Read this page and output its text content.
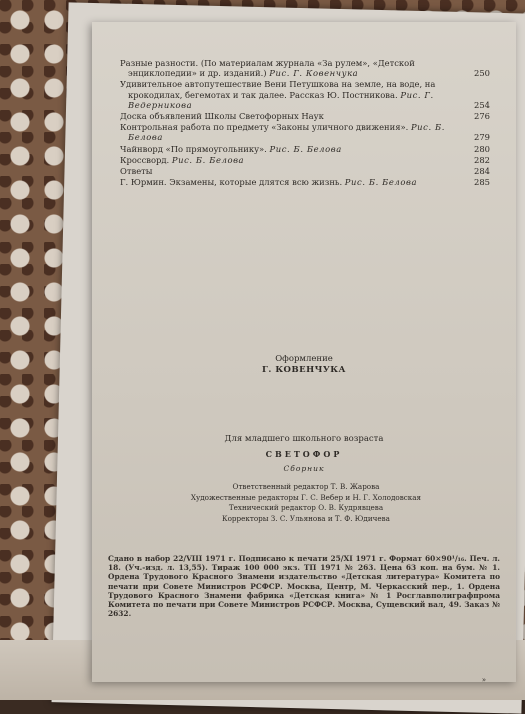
Разные разности. (По материалам журнала «За рулем», «Детской энциклопедии» и др. изданий.) Рис. Г. Ковенчука	250
Удивительное автопутешествие Вени Петушкова на земле, на воде, на крокодилах, бегемотах и так далее. Рассказ Ю. Постникова. Рис. Г. Ведерникова	254
Доска объявлений Школы Светофорных Наук	276
Контрольная работа по предмету «Законы уличного движения». Рис. Б. Белова	279
Чайнворд «По прямоугольнику». Рис. Б. Белова	280
Кроссворд. Рис. Б. Белова	282
Ответы	284
Г. Юрмин. Экзамены, которые длятся всю жизнь. Рис. Б. Белова	285
Оформление
Г. КОВЕНЧУКА
Для младшего школьного возраста
СВЕТОФОР
Сборник
Ответственный редактор Т. В. Жарова
Художественные редакторы Г. С. Вебер и Н. Г. Холодовская
Технический редактор О. В. Кудрявцева
Корректоры З. С. Ульянова и Т. Ф. Юдичева
Сдано в набор 22/VIII 1971 г. Подписано к печати 25/XI 1971 г. Формат 60×90¹/₁₆. Печ. л. 18. (Уч.-изд. л. 13,55). Тираж 100 000 экз. ТП 1971 № 263. Цена 63 коп. на бум. № 1. Ордена Трудового Красного Знамени издательство «Детская литература» Комитета по печати при Совете Министров РСФСР. Москва, Центр, М. Черкасский пер., 1. Ордена Трудового Красного Знамени фабрика «Детская книга» № 1 Росглавполиграфпрома Комитета по печати при Совете Министров РСФСР. Москва, Сущевский вал, 49. Заказ № 2632.
»
